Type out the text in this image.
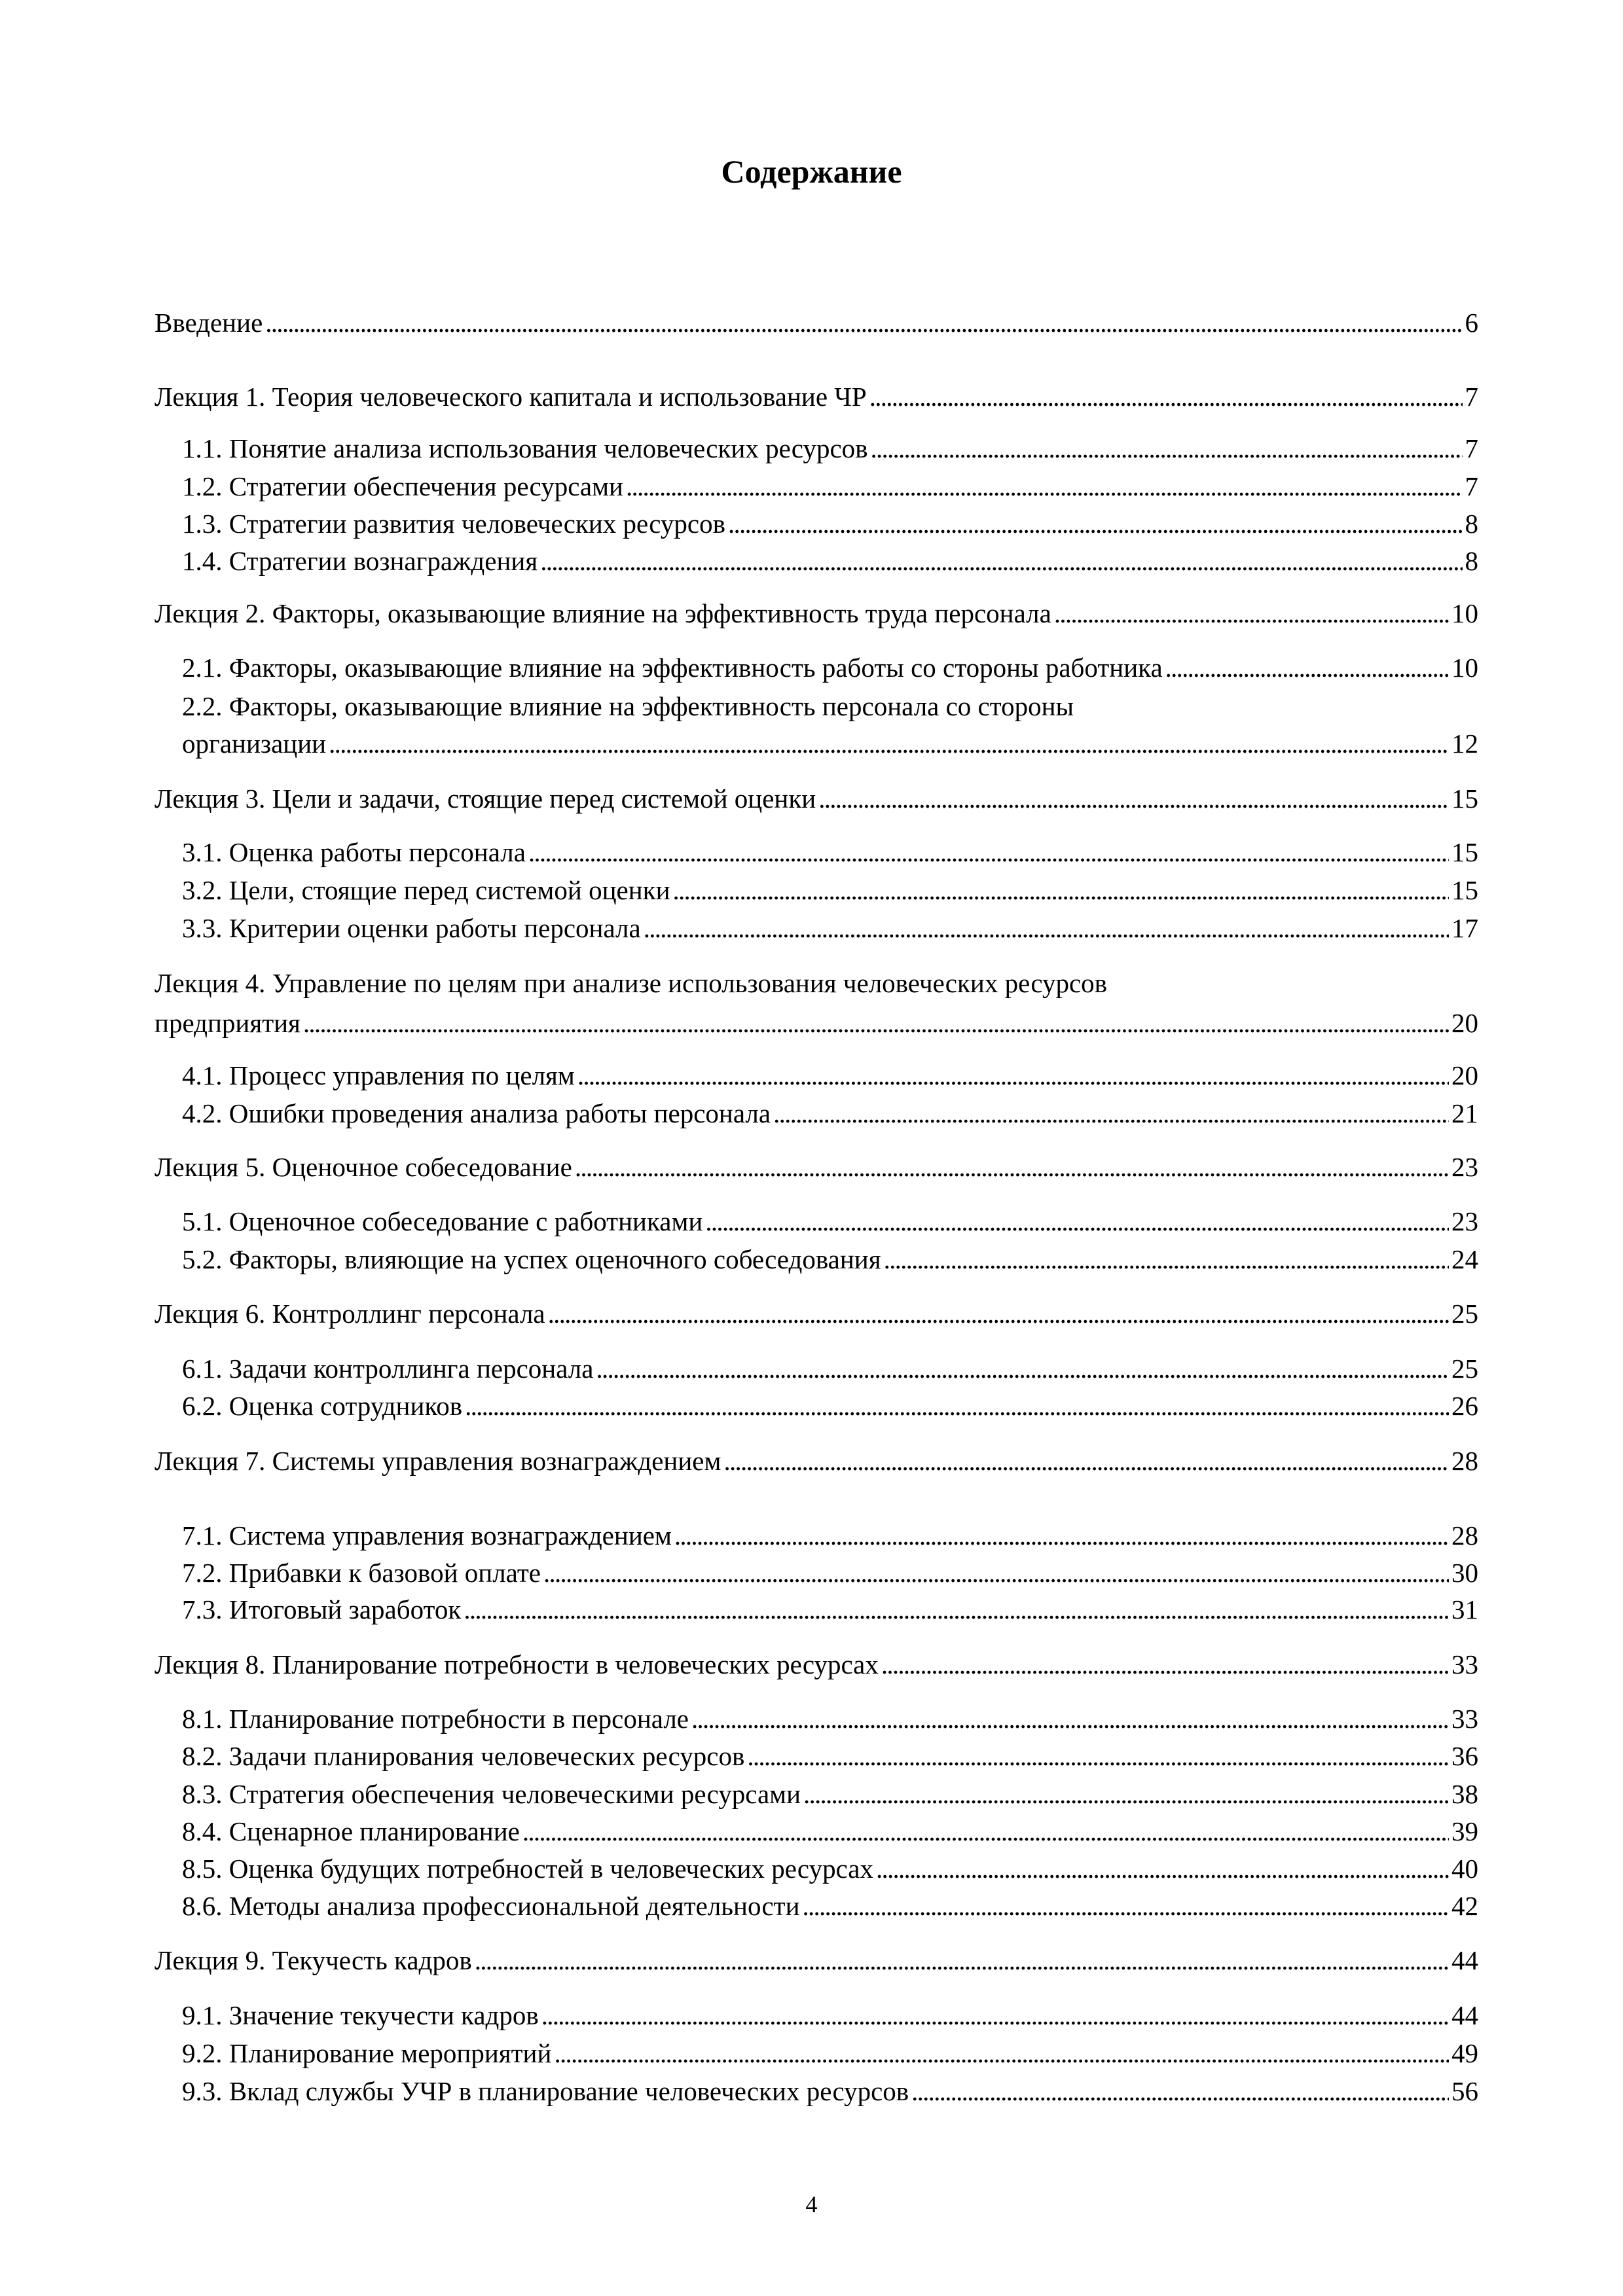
Содержание
Введение . . .	6
Лекция 1. Теория человеческого капитала и использование ЧР . . .	7
1.1. Понятие анализа использования человеческих ресурсов . . .	7
1.2. Стратегии обеспечения ресурсами . . .	7
1.3. Стратегии развития человеческих ресурсов . . .	8
1.4. Стратегии вознаграждения . . .	8
Лекция 2. Факторы, оказывающие влияние на эффективность труда персонала . . .	10
2.1. Факторы, оказывающие влияние на эффективность работы со стороны работника . . .	10
2.2. Факторы, оказывающие влияние на эффективность персонала со стороны
организации . . .	12
Лекция 3. Цели и задачи, стоящие перед системой оценки . . .	15
3.1. Оценка работы персонала . . .	15
3.2. Цели, стоящие перед системой оценки . . .	15
3.3. Критерии оценки работы персонала . . .	17
Лекция 4. Управление по целям при анализе использования человеческих ресурсов
предприятия . . .	20
4.1. Процесс управления по целям . . .	20
4.2. Ошибки проведения анализа работы персонала . . .	21
Лекция 5. Оценочное собеседование . . .	23
5.1. Оценочное собеседование с работниками . . .	23
5.2. Факторы, влияющие на успех оценочного собеседования . . .	24
Лекция 6. Контроллинг персонала . . .	25
6.1. Задачи контроллинга персонала . . .	25
6.2. Оценка сотрудников . . .	26
Лекция 7. Системы управления вознаграждением . . .	28
7.1. Система управления вознаграждением . . .	28
7.2. Прибавки к базовой оплате . . .	30
7.3. Итоговый заработок . . .	31
Лекция 8. Планирование потребности в человеческих ресурсах . . .	33
8.1. Планирование потребности в персонале . . .	33
8.2. Задачи планирования человеческих ресурсов . . .	36
8.3. Стратегия обеспечения человеческими ресурсами . . .	38
8.4. Сценарное планирование . . .	39
8.5. Оценка будущих потребностей в человеческих ресурсах . . .	40
8.6. Методы анализа профессиональной деятельности . . .	42
Лекция 9. Текучесть кадров . . .	44
9.1. Значение текучести кадров . . .	44
9.2. Планирование мероприятий . . .	49
9.3. Вклад службы УЧР в планирование человеческих ресурсов . . .	56
4
